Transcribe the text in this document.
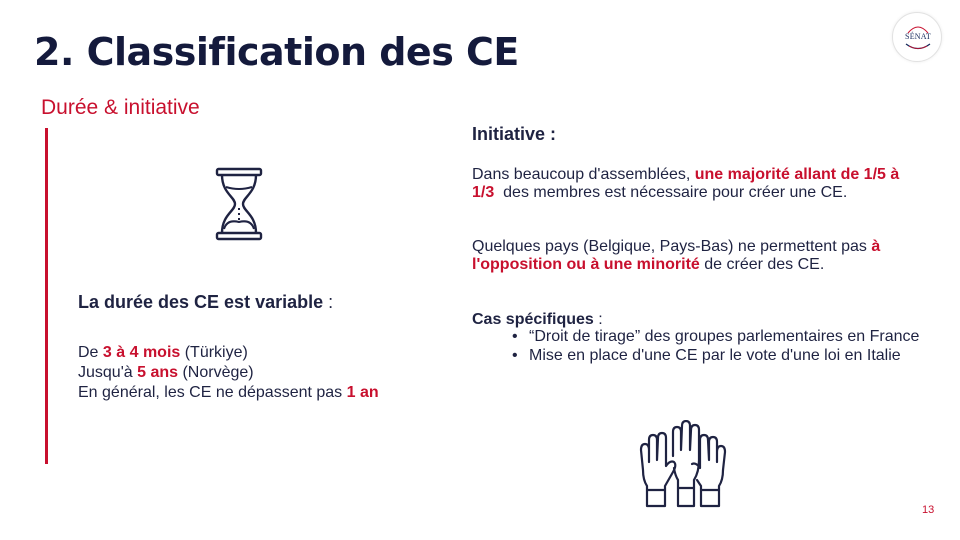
2. Classification des CE
Durée & initiative
SÉNAT
La durée des CE est variable :
De 3 à 4 mois (Türkiye)
Jusqu'à 5 ans (Norvège)
En général, les CE ne dépassent pas 1 an
Initiative :
Dans beaucoup d'assemblées, une majorité allant de 1/5 à 1/3  des membres est nécessaire pour créer une CE.
Quelques pays (Belgique, Pays-Bas) ne permettent pas à l'opposition ou à une minorité de créer des CE.
Cas spécifiques :
• “Droit de tirage” des groupes parlementaires en France
• Mise en place d'une CE par le vote d'une loi en Italie
13
